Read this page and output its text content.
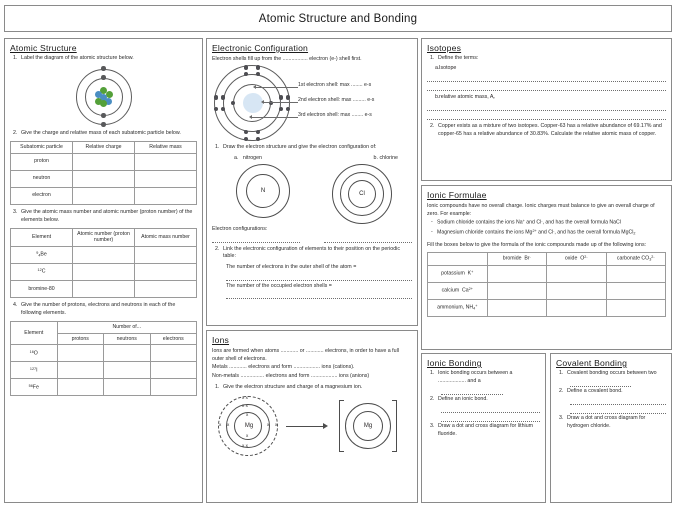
Atomic Structure and Bonding
Atomic Structure
1. Label the diagram of the atomic structure below.
2. Give the charge and relative mass of each subatomic particle below.
Subatomic particle	Relative charge	Relative mass
proton		
neutron		
electron		
3. Give the atomic mass number and atomic number (proton number) of the elements below.
Element	Atomic number (proton number)	Atomic mass number
$^9_4$Be		
$^{12}$C		
bromine-80		
4. Give the number of protons, electrons and neutrons in each of the following elements.
Element	Number of...		
	protons	neutrons	electrons
$^{16}$O			
$^{127}$I			
$^{56}$Fe			
Electronic Configuration
Electron shells fill up from the ................. electron (e-) shell first.
1st electron shell: max ........ e-s
2nd electron shell: max ......... e-s
3rd electron shell: max ........ e-s
1. Draw the electron structure and give the electron configuration of:
a.   nitrogen	b. chlorine
N	Cl
Electron configurations:
2. Link the electronic configuration of elements to their position on the periodic table:
The number of electrons in the outer shell of the atom =
The number of the occupied electron shells =
Ions
Ions are formed when atoms ............ or ............ electrons, in order to have a full outer shell of electrons.
Metals ............ electrons and form .................. ions (cations).
Non-metals ................ electrons and form .................. ions (anions)
1. Give the electron structure and charge of a magnesium ion.
Mg
x x
x x
x
x x	x x
x
x x
Mg
Isotopes
1. Define the terms:
a. Isotope
b. relative atomic mass, $A_r$
2. Copper exists as a mixture of two isotopes. Copper-63 has a relative abundance of 69.17% and copper-65 has a relative abundance of 30.83%. Calculate the relative atomic mass of copper.
Ionic Formulae
Ionic compounds have no overall charge. Ionic charges must balance to give an overall charge of zero. For example:
- Sodium chloride contains the ions Na+ and Cl-, and has the overall formula NaCl
- Magnesium chloride contains the ions $Mg^{2+}$ and Cl-, and has the overall formula MgCl$_2$
Fill the boxes below to give the formula of the ionic compounds made up of the following ions:
	bromide  Br-	oxide  $O^{2-}$	carbonate $CO_3^{2-}$
potassium  K+			
calcium  $Ca^{2+}$			
ammonium, $NH_4^+$			
Ionic Bonding
1. Ionic bonding occurs between a ................... and a
2. Define an ionic bond.
3. Draw a dot and cross diagram for lithium fluoride.
Covalent Bonding
1. Covalent bonding occurs between two
2. Define a covalent bond.
3. Draw a dot and cross diagram for hydrogen chloride.
